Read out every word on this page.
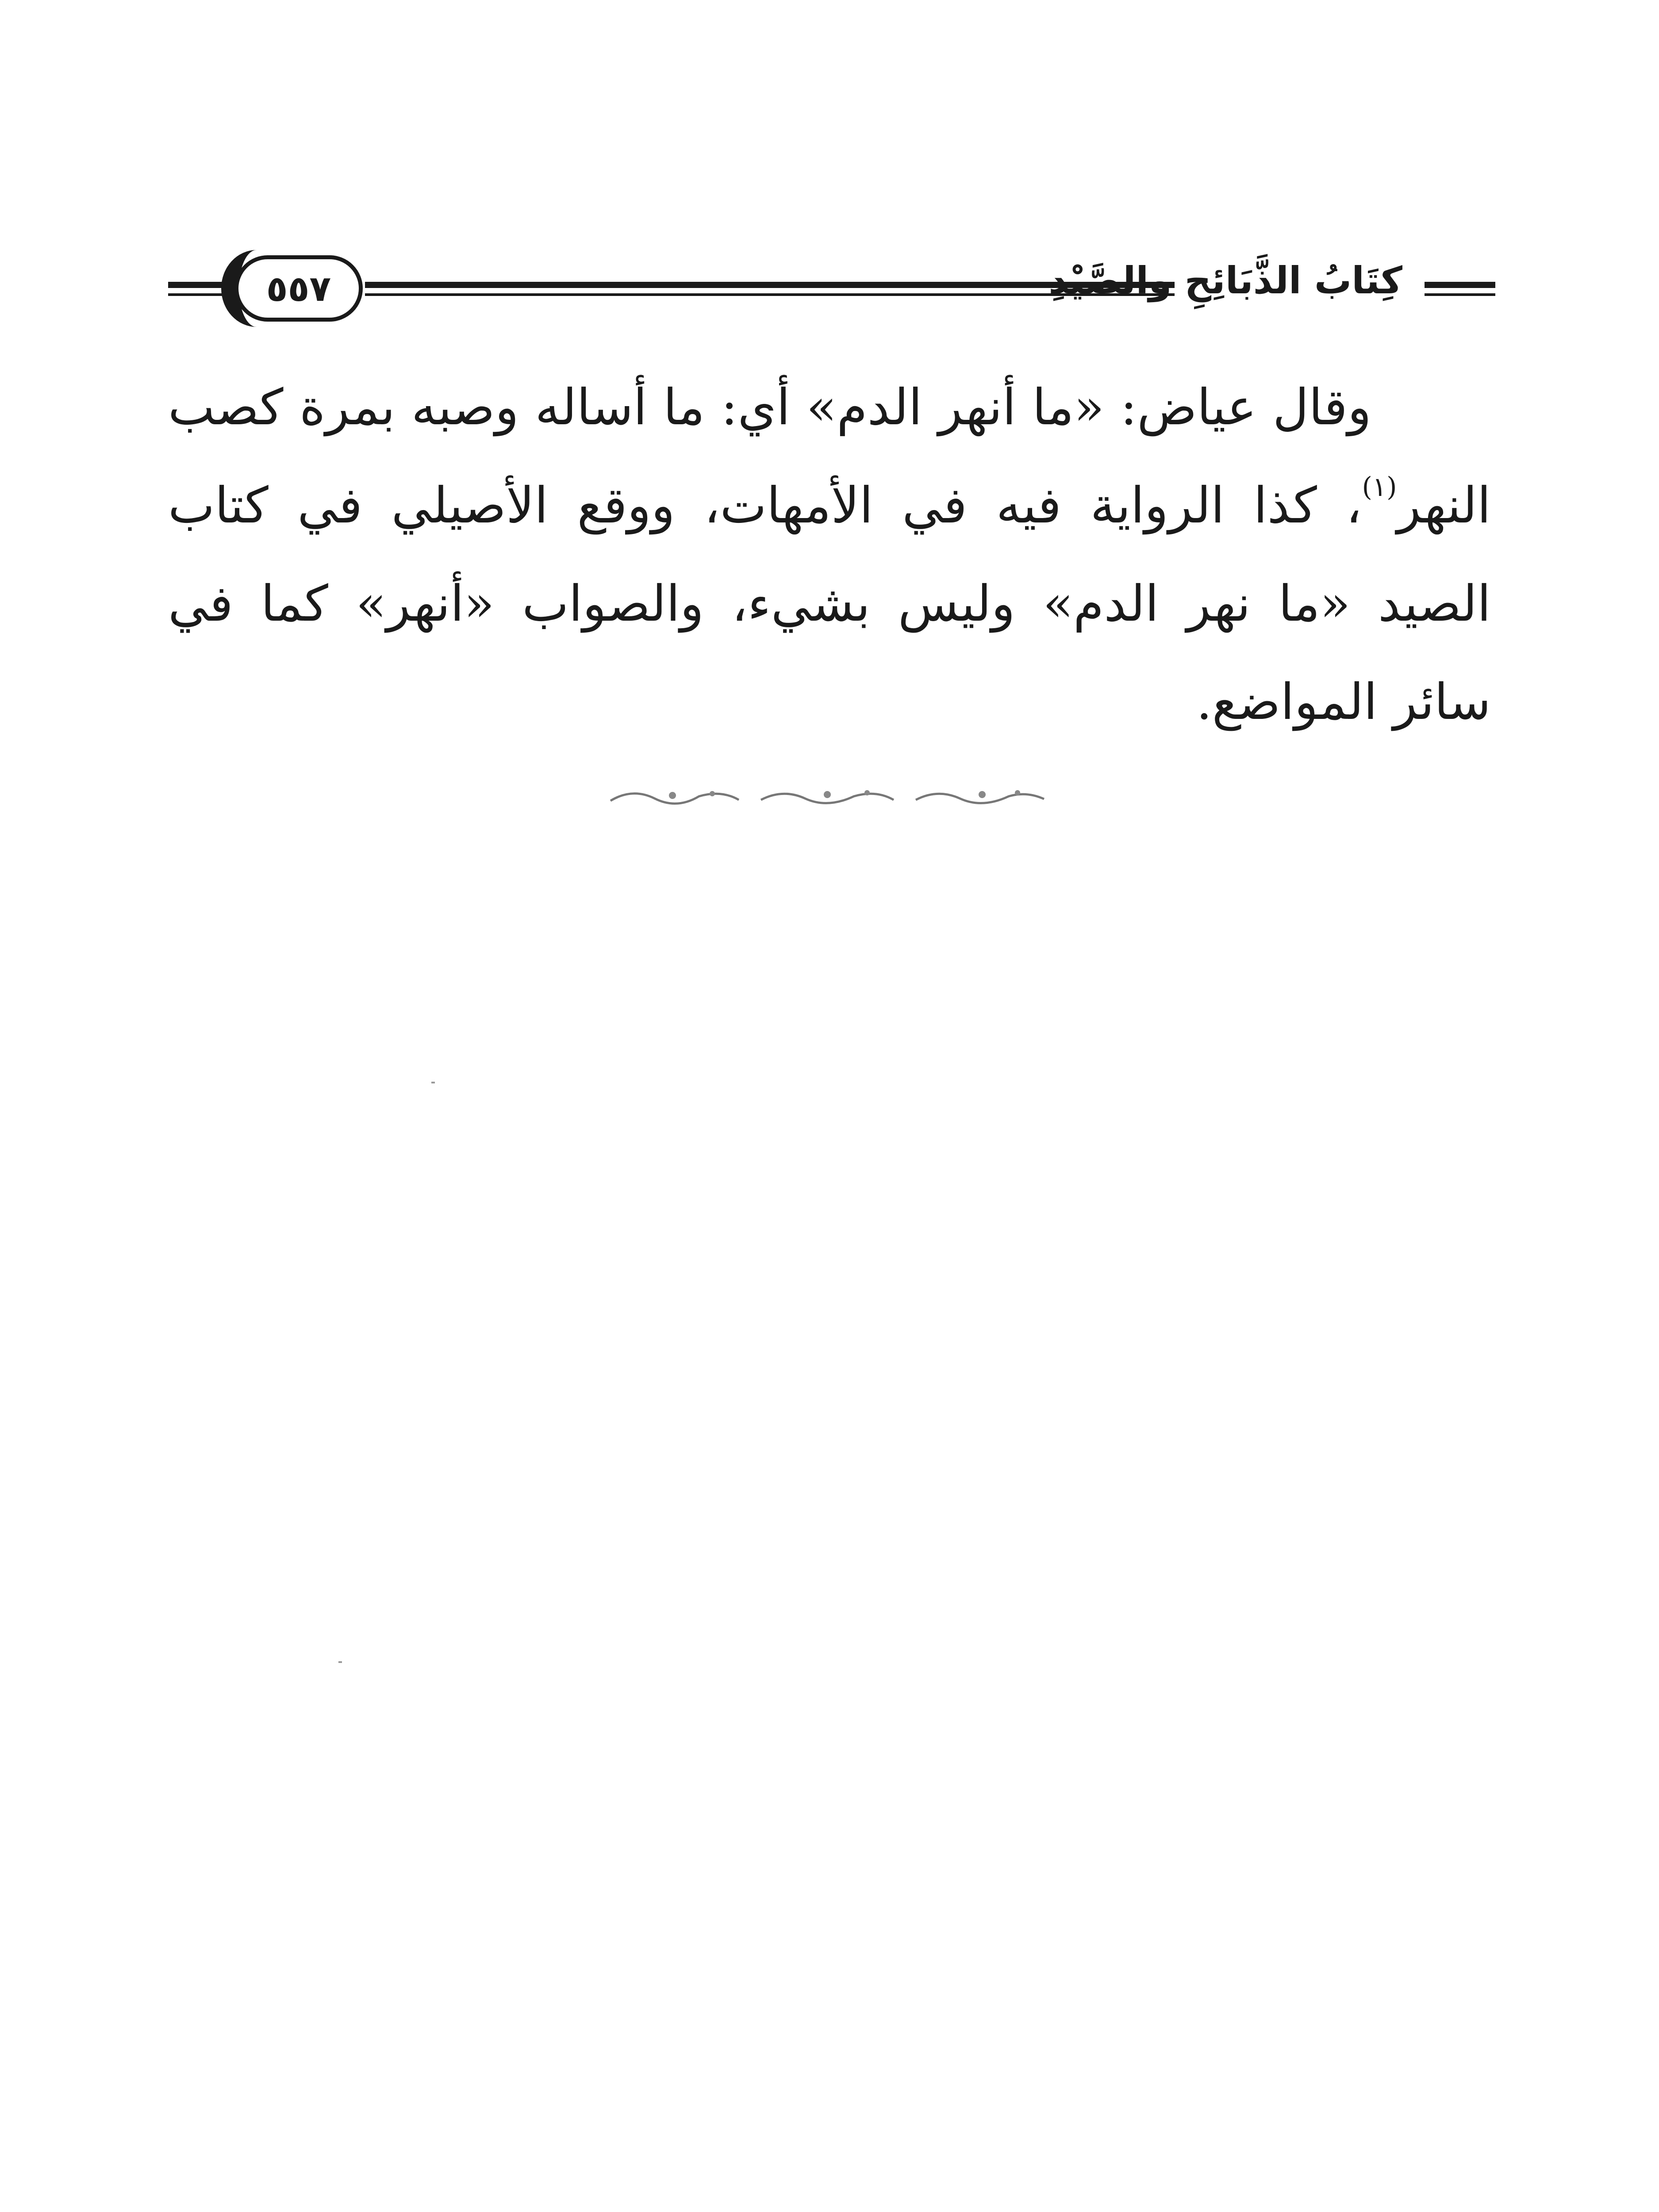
٥٥٧	كِتَابُ الذَّبَائِحِ والصَّيْدِ

وقال عياض: «ما أنهر الدم» أي: ما أساله وصبه بمرة كصب النهر$^{(١)}$، كذا الرواية فيه في الأمهات، ووقع الأصيلي في كتاب الصيد «ما نهر الدم» وليس بشيء، والصواب «أنهر» كما في سائر المواضع.
